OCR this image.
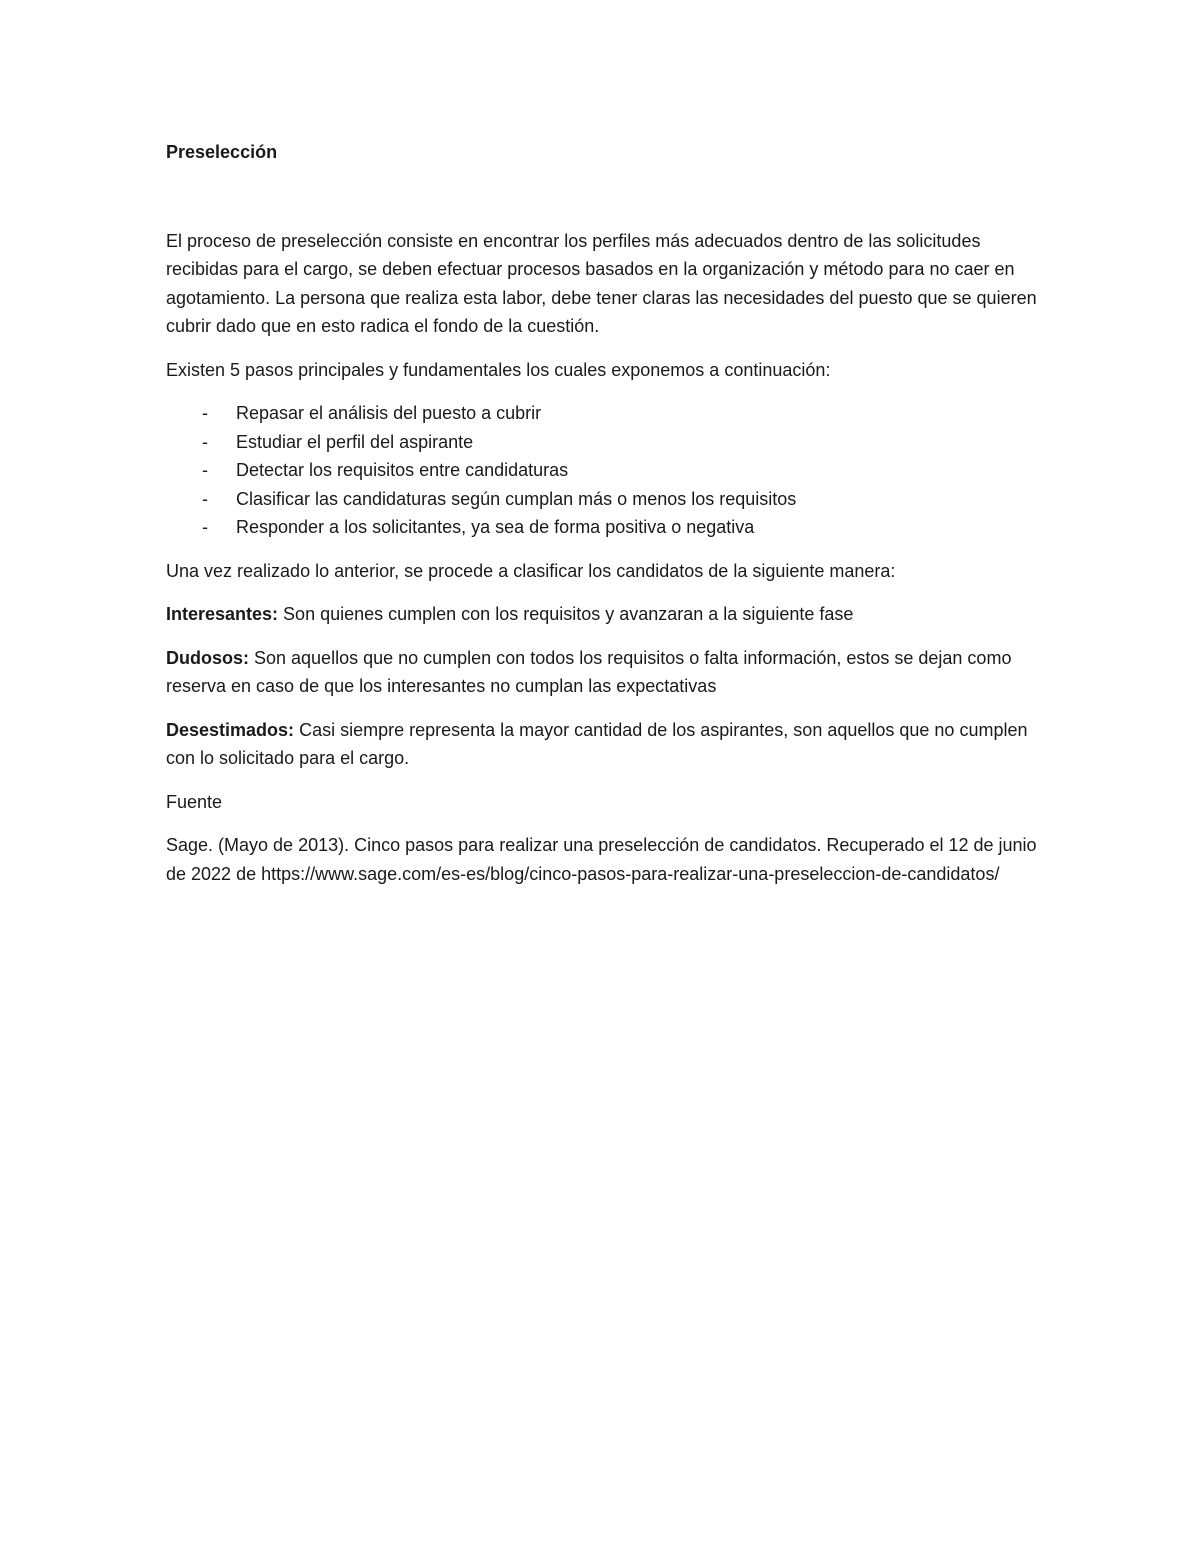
Preselección

El proceso de preselección consiste en encontrar los perfiles más adecuados dentro de las solicitudes recibidas para el cargo, se deben efectuar procesos basados en la organización y método para no caer en agotamiento. La persona que realiza esta labor, debe tener claras las necesidades del puesto que se quieren cubrir dado que en esto radica el fondo de la cuestión.

Existen 5 pasos principales y fundamentales los cuales exponemos a continuación:

- Repasar el análisis del puesto a cubrir
- Estudiar el perfil del aspirante
- Detectar los requisitos entre candidaturas
- Clasificar las candidaturas según cumplan más o menos los requisitos
- Responder a los solicitantes, ya sea de forma positiva o negativa

Una vez realizado lo anterior, se procede a clasificar los candidatos de la siguiente manera:

Interesantes: Son quienes cumplen con los requisitos y avanzaran a la siguiente fase

Dudosos: Son aquellos que no cumplen con todos los requisitos o falta información, estos se dejan como reserva en caso de que los interesantes no cumplan las expectativas

Desestimados: Casi siempre representa la mayor cantidad de los aspirantes, son aquellos que no cumplen con lo solicitado para el cargo.

Fuente

Sage. (Mayo de 2013). Cinco pasos para realizar una preselección de candidatos. Recuperado el 12 de junio de 2022 de https://www.sage.com/es-es/blog/cinco-pasos-para-realizar-una-preseleccion-de-candidatos/
